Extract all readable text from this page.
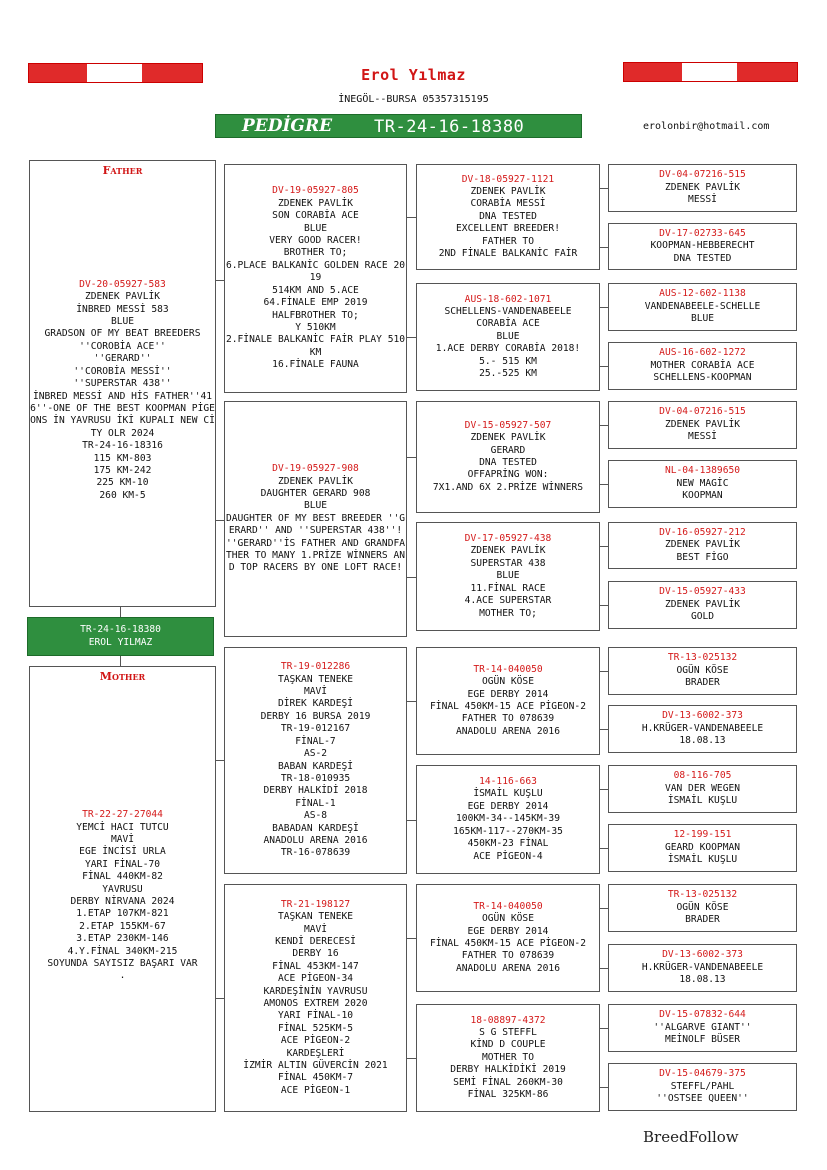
Erol Yılmaz
İNEGÖL--BURSA 05357315195
PEDİGRE TR-24-16-18380	erolonbir@hotmail.com
Father
DV-20-05927-583
ZDENEK PAVLİK
İNBRED MESSİ 583
BLUE
GRADSON OF MY BEAT BREEDERS
''COROBİA ACE''
''GERARD''
''COROBİA MESSİ''
''SUPERSTAR 438''
İNBRED MESSİ AND HİS FATHER''416''-ONE OF THE BEST KOOPMAN PİGEONS İN YAVRUSU İKİ KUPALI NEW CİTY OLR 2024
TR-24-16-18316
115 KM-803
175 KM-242
225 KM-10
260 KM-5
TR-24-16-18380
EROL YILMAZ
Mother
TR-22-27-27044
YEMCİ HACI TUTCU
MAVİ
EGE İNCİSİ URLA
YARI FİNAL-70
FİNAL 440KM-82
YAVRUSU
DERBY NİRVANA 2024
1.ETAP 107KM-821
2.ETAP 155KM-67
3.ETAP 230KM-146
4.Y.FİNAL 340KM-215
SOYUNDA SAYISIZ BAŞARI VAR
.
DV-19-05927-805
ZDENEK PAVLİK
SON CORABİA ACE
BLUE
VERY GOOD RACER!
BROTHER TO;
6.PLACE BALKANİC GOLDEN RACE 2019
514KM AND 5.ACE
64.FİNALE EMP 2019
HALFBROTHER TO;
Y 510KM
2.FİNALE BALKANİC FAİR PLAY 510KM
16.FİNALE FAUNA
DV-19-05927-908
ZDENEK PAVLİK
DAUGHTER GERARD 908
BLUE
DAUGHTER OF MY BEST BREEDER ''GERARD'' AND ''SUPERSTAR 438''!
''GERARD''İS FATHER AND GRANDFATHER TO MANY 1.PRİZE WİNNERS AND TOP RACERS BY ONE LOFT RACE!
TR-19-012286
TAŞKAN TENEKE
MAVİ
DİREK KARDEŞİ
DERBY 16 BURSA 2019
TR-19-012167
FİNAL-7
AS-2
BABAN KARDEŞİ
TR-18-010935
DERBY HALKİDİ 2018
FİNAL-1
AS-8
BABADAN KARDEŞİ
ANADOLU ARENA 2016
TR-16-078639
TR-21-198127
TAŞKAN TENEKE
MAVİ
KENDİ DERECESİ
DERBY 16
FİNAL 453KM-147
ACE PİGEON-34
KARDEŞİNİN YAVRUSU
AMONOS EXTREM 2020
YARI FİNAL-10
FİNAL 525KM-5
ACE PİGEON-2
KARDEŞLERİ
İZMİR ALTIN GÜVERCİN 2021
FİNAL 450KM-7
ACE PİGEON-1
DV-18-05927-1121
ZDENEK PAVLİK
CORABİA MESSİ
DNA TESTED
EXCELLENT BREEDER!
FATHER TO
2ND FİNALE BALKANİC FAİR
AUS-18-602-1071
SCHELLENS-VANDENABEELE
CORABİA ACE
BLUE
1.ACE DERBY CORABİA 2018!
5.- 515 KM
25.-525 KM
DV-15-05927-507
ZDENEK PAVLİK
GERARD
DNA TESTED
OFFAPRİNG WON:
7X1.AND 6X 2.PRİZE WİNNERS
DV-17-05927-438
ZDENEK PAVLİK
SUPERSTAR 438
BLUE
11.FİNAL RACE
4.ACE SUPERSTAR
MOTHER TO;
TR-14-040050
OGÜN KÖSE
EGE DERBY 2014
FİNAL 450KM-15 ACE PİGEON-2
FATHER TO 078639
ANADOLU ARENA 2016
14-116-663
İSMAİL KUŞLU
EGE DERBY 2014
100KM-34--145KM-39
165KM-117--270KM-35
450KM-23 FİNAL
ACE PİGEON-4
TR-14-040050
OGÜN KÖSE
EGE DERBY 2014
FİNAL 450KM-15 ACE PİGEON-2
FATHER TO 078639
ANADOLU ARENA 2016
18-08897-4372
S G STEFFL
KİND D COUPLE
MOTHER TO
DERBY HALKİDİKİ 2019
SEMİ FİNAL 260KM-30
FİNAL 325KM-86
DV-04-07216-515
ZDENEK PAVLİK
MESSİ
DV-17-02733-645
KOOPMAN-HEBBERECHT
DNA TESTED
AUS-12-602-1138
VANDENABEELE-SCHELLE
BLUE
AUS-16-602-1272
MOTHER CORABİA ACE
SCHELLENS-KOOPMAN
DV-04-07216-515
ZDENEK PAVLİK
MESSİ
NL-04-1389650
NEW MAGİC
KOOPMAN
DV-16-05927-212
ZDENEK PAVLİK
BEST FİGO
DV-15-05927-433
ZDENEK PAVLİK
GOLD
TR-13-025132
OGÜN KÖSE
BRADER
DV-13-6002-373
H.KRÜGER-VANDENABEELE
18.08.13
08-116-705
VAN DER WEGEN
İSMAİL KUŞLU
12-199-151
GEARD KOOPMAN
İSMAİL KUŞLU
TR-13-025132
OGÜN KÖSE
BRADER
DV-13-6002-373
H.KRÜGER-VANDENABEELE
18.08.13
DV-15-07832-644
''ALGARVE GIANT''
MEİNOLF BÜSER
DV-15-04679-375
STEFFL/PAHL
''OSTSEE QUEEN''
BreedFollow
